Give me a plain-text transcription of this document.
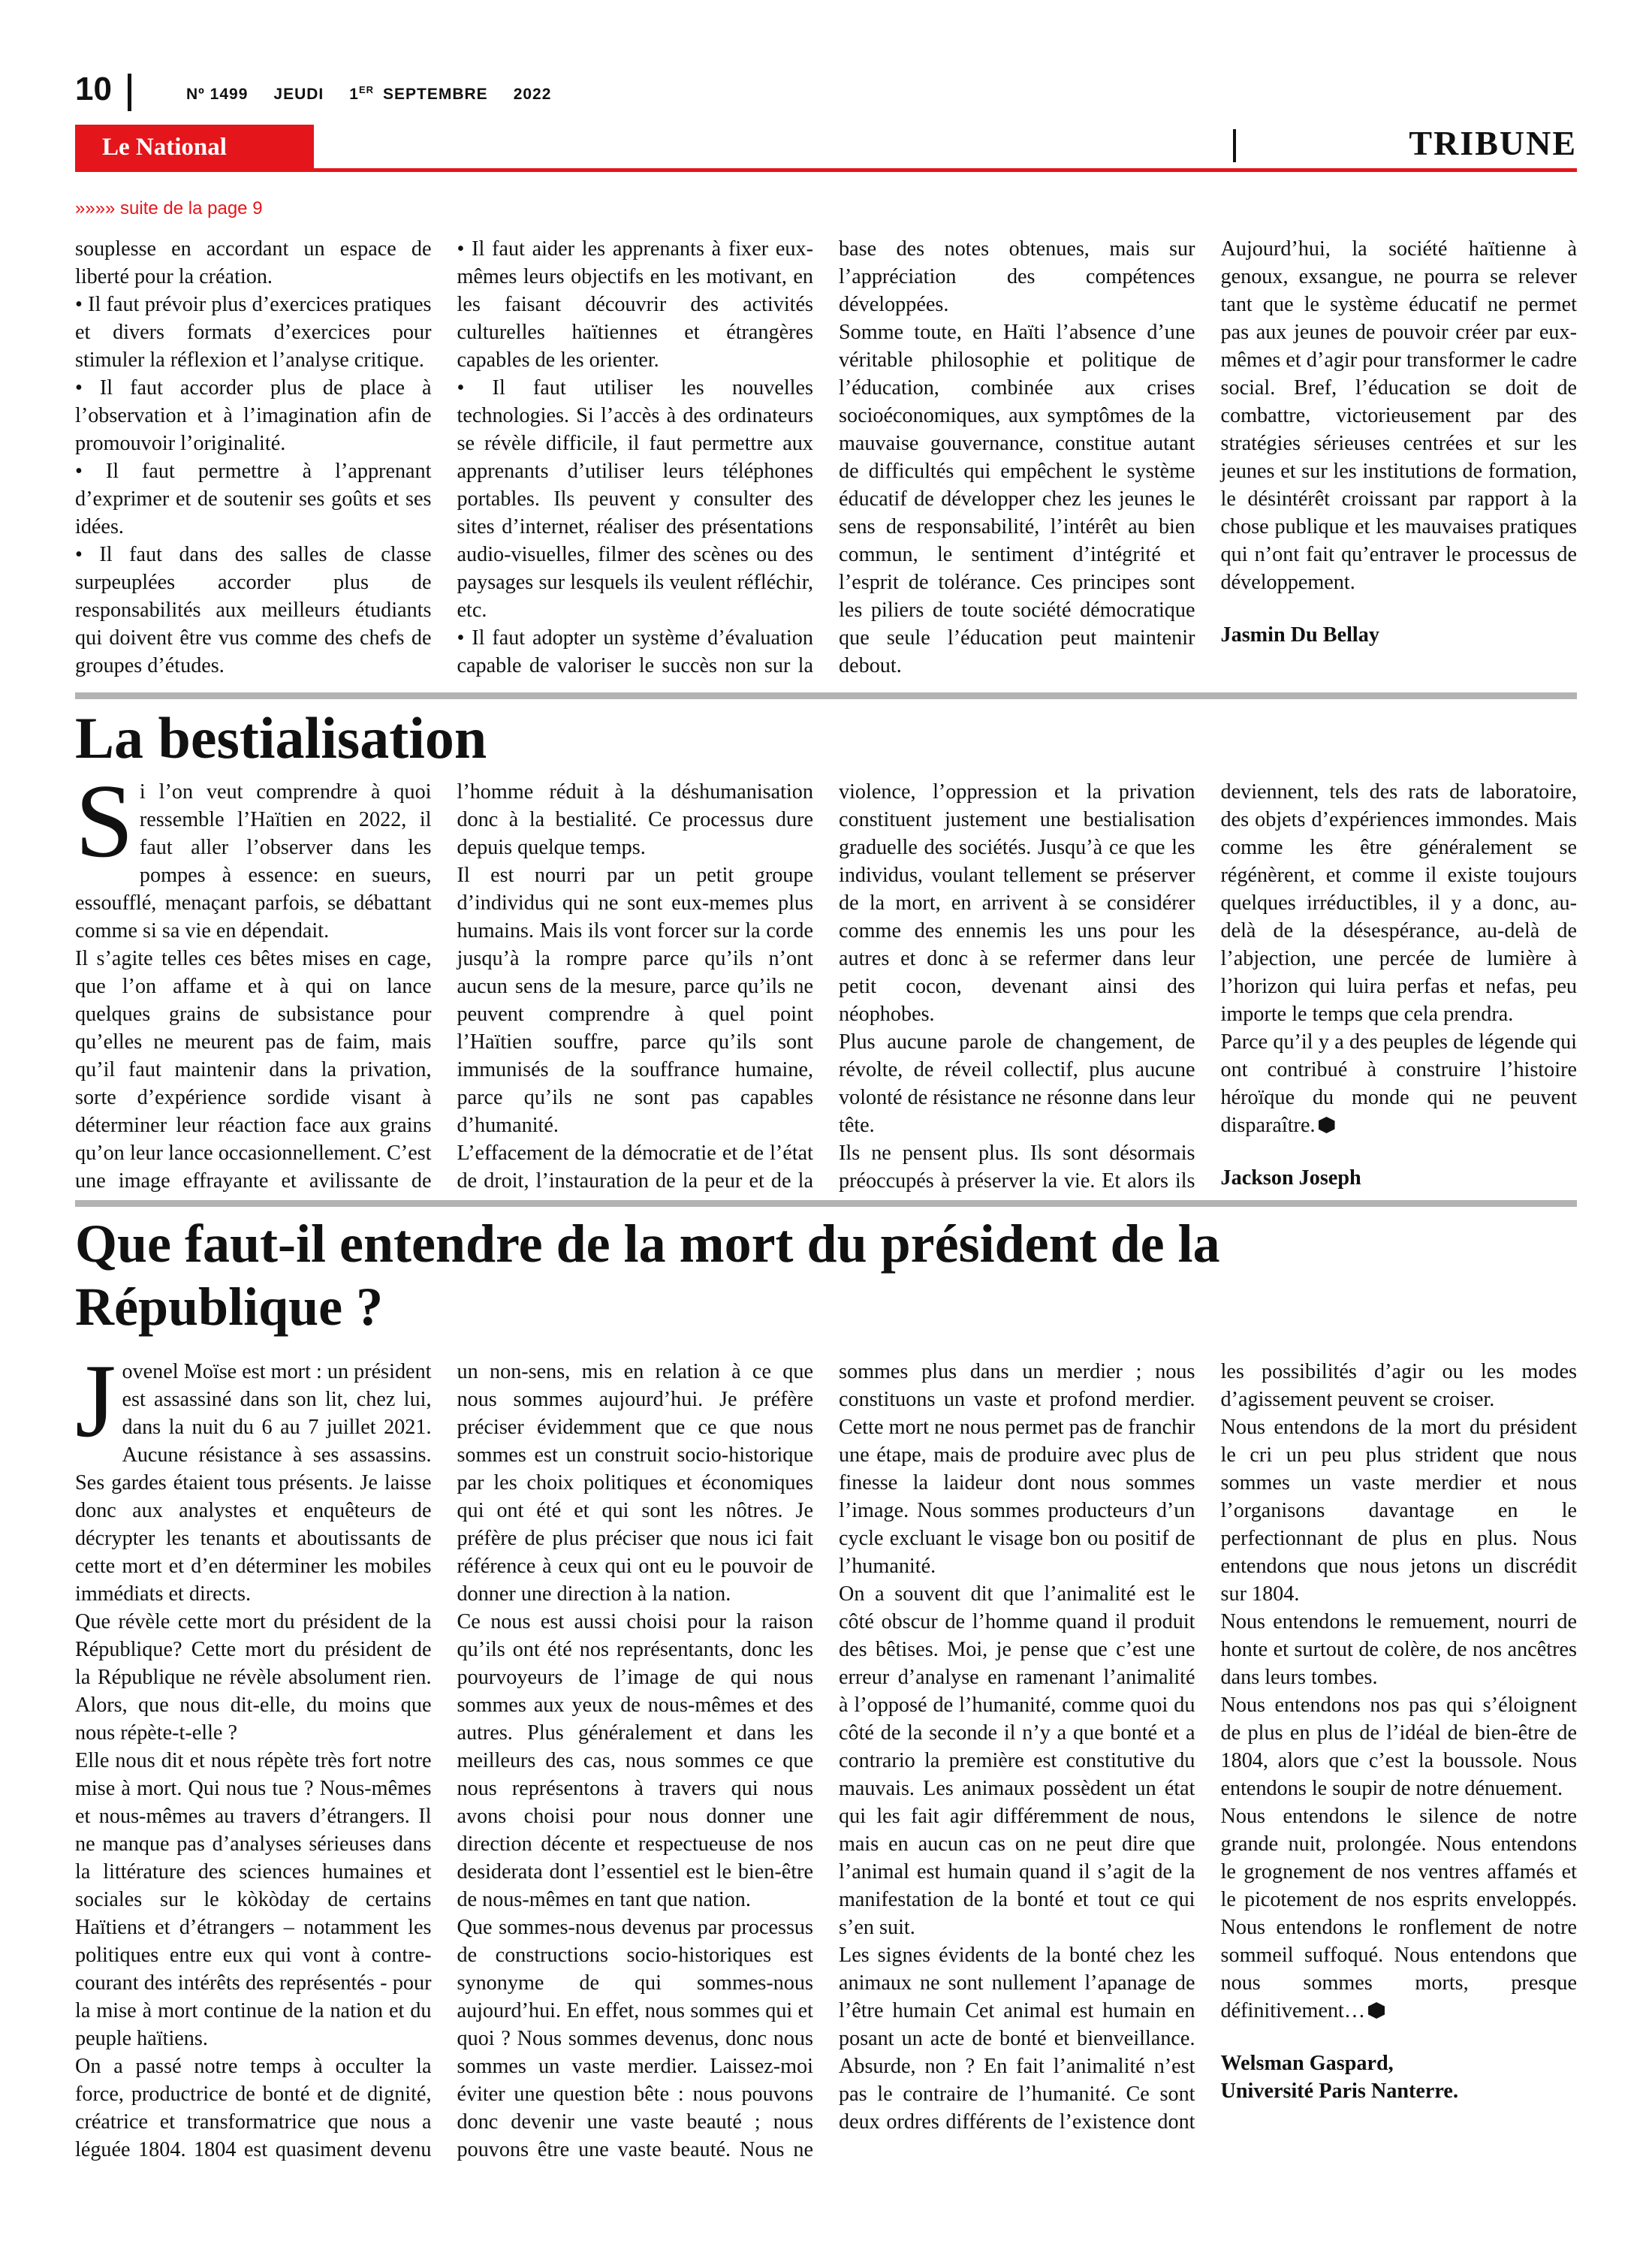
10	Nº 1499 JEUDI 1ER SEPTEMBRE 2022
Le National	TRIBUNE
»»»» suite de la page 9

souplesse en accordant un espace de liberté pour la création.

• Il faut prévoir plus d’exercices pratiques et divers formats d’exercices pour stimuler la réflexion et l’analyse critique.

• Il faut accorder plus de place à l’observation et à l’imagination afin de promouvoir l’originalité.

• Il faut permettre à l’apprenant d’exprimer et de soutenir ses goûts et ses idées.

• Il faut dans des salles de classe surpeuplées accorder plus de responsabilités aux meilleurs étudiants qui doivent être vus comme des chefs de groupes d’études.

• Il faut aider les apprenants à fixer eux-mêmes leurs objectifs en les motivant, en les faisant découvrir des activités culturelles haïtiennes et étrangères capables de les orienter.

• Il faut utiliser les nouvelles technologies. Si l’accès à des ordinateurs se révèle difficile, il faut permettre aux apprenants d’utiliser leurs téléphones portables. Ils peuvent y consulter des sites d’internet, réaliser des présentations audio-visuelles, filmer des scènes ou des paysages sur lesquels ils veulent réfléchir, etc.

• Il faut adopter un système d’évaluation capable de valoriser le succès non sur la base des notes obtenues, mais sur l’appréciation des compétences développées.

Somme toute, en Haïti l’absence d’une véritable philosophie et politique de l’éducation, combinée aux crises socioéconomiques, aux symptômes de la mauvaise gouvernance, constitue autant de difficultés qui empêchent le système éducatif de développer chez les jeunes le sens de responsabilité, l’intérêt au bien commun, le sentiment d’intégrité et l’esprit de tolérance. Ces principes sont les piliers de toute société démocratique que seule l’éducation peut maintenir debout.

Aujourd’hui, la société haïtienne à genoux, exsangue, ne pourra se relever tant que le système éducatif ne permet pas aux jeunes de pouvoir créer par eux-mêmes et d’agir pour transformer le cadre social. Bref, l’éducation se doit de combattre, victorieusement par des stratégies sérieuses centrées et sur les jeunes et sur les institutions de formation, le désintérêt croissant par rapport à la chose publique et les mauvaises pratiques qui n’ont fait qu’entraver le processus de développement.

Jasmin Du Bellay
La bestialisation

Si l’on veut comprendre à quoi ressemble l’Haïtien en 2022, il faut aller l’observer dans les pompes à essence: en sueurs, essoufflé, menaçant parfois, se débattant comme si sa vie en dépendait.

Il s’agite telles ces bêtes mises en cage, que l’on affame et à qui on lance quelques grains de subsistance pour qu’elles ne meurent pas de faim, mais qu’il faut maintenir dans la privation, sorte d’expérience sordide visant à déterminer leur réaction face aux grains qu’on leur lance occasionnellement. C’est une image effrayante et avilissante de l’homme réduit à la déshumanisation donc à la bestialité. Ce processus dure depuis quelque temps.

Il est nourri par un petit groupe d’individus qui ne sont eux-memes plus humains. Mais ils vont forcer sur la corde jusqu’à la rompre parce qu’ils n’ont aucun sens de la mesure, parce qu’ils ne peuvent comprendre à quel point l’Haïtien souffre, parce qu’ils sont immunisés de la souffrance humaine, parce qu’ils ne sont pas capables d’humanité.

L’effacement de la démocratie et de l’état de droit, l’instauration de la peur et de la violence, l’oppression et la privation constituent justement une bestialisation graduelle des sociétés. Jusqu’à ce que les individus, voulant tellement se préserver de la mort, en arrivent à se considérer comme des ennemis les uns pour les autres et donc à se refermer dans leur petit cocon, devenant ainsi des néophobes.

Plus aucune parole de changement, de révolte, de réveil collectif, plus aucune volonté de résistance ne résonne dans leur tête.

Ils ne pensent plus. Ils sont désormais préoccupés à préserver la vie. Et alors ils deviennent, tels des rats de laboratoire, des objets d’expériences immondes. Mais comme les être généralement se régénèrent, et comme il existe toujours quelques irréductibles, il y a donc, au-delà de la désespérance, au-delà de l’abjection, une percée de lumière à l’horizon qui luira perfas et nefas, peu importe le temps que cela prendra.

Parce qu’il y a des peuples de légende qui ont contribué à construire l’histoire héroïque du monde qui ne peuvent disparaître.

Jackson Joseph
Que faut-il entendre de la mort du président de la République ?

Jovenel Moïse est mort : un président est assassiné dans son lit, chez lui, dans la nuit du 6 au 7 juillet 2021. Aucune résistance à ses assassins. Ses gardes étaient tous présents. Je laisse donc aux analystes et enquêteurs de décrypter les tenants et aboutissants de cette mort et d’en déterminer les mobiles immédiats et directs.

Que révèle cette mort du président de la République? Cette mort du président de la République ne révèle absolument rien. Alors, que nous dit-elle, du moins que nous répète-t-elle ?

Elle nous dit et nous répète très fort notre mise à mort. Qui nous tue ? Nous-mêmes et nous-mêmes au travers d’étrangers. Il ne manque pas d’analyses sérieuses dans la littérature des sciences humaines et sociales sur le kòkòday de certains Haïtiens et d’étrangers – notamment les politiques entre eux qui vont à contre-courant des intérêts des représentés - pour la mise à mort continue de la nation et du peuple haïtiens.

On a passé notre temps à occulter la force, productrice de bonté et de dignité, créatrice et transformatrice que nous a léguée 1804. 1804 est quasiment devenu un non-sens, mis en relation à ce que nous sommes aujourd’hui. Je préfère préciser évidemment que ce que nous sommes est un construit socio-historique par les choix politiques et économiques qui ont été et qui sont les nôtres. Je préfère de plus préciser que nous ici fait référence à ceux qui ont eu le pouvoir de donner une direction à la nation.

Ce nous est aussi choisi pour la raison qu’ils ont été nos représentants, donc les pourvoyeurs de l’image de qui nous sommes aux yeux de nous-mêmes et des autres. Plus généralement et dans les meilleurs des cas, nous sommes ce que nous représentons à travers qui nous avons choisi pour nous donner une direction décente et respectueuse de nos desiderata dont l’essentiel est le bien-être de nous-mêmes en tant que nation.

Que sommes-nous devenus par processus de constructions socio-historiques est synonyme de qui sommes-nous aujourd’hui. En effet, nous sommes qui et quoi ? Nous sommes devenus, donc nous sommes un vaste merdier. Laissez-moi éviter une question bête : nous pouvons donc devenir une vaste beauté ; nous pouvons être une vaste beauté. Nous ne sommes plus dans un merdier ; nous constituons un vaste et profond merdier. Cette mort ne nous permet pas de franchir une étape, mais de produire avec plus de finesse la laideur dont nous sommes l’image. Nous sommes producteurs d’un cycle excluant le visage bon ou positif de l’humanité.

On a souvent dit que l’animalité est le côté obscur de l’homme quand il produit des bêtises. Moi, je pense que c’est une erreur d’analyse en ramenant l’animalité à l’opposé de l’humanité, comme quoi du côté de la seconde il n’y a que bonté et a contrario la première est constitutive du mauvais. Les animaux possèdent un état qui les fait agir différemment de nous, mais en aucun cas on ne peut dire que l’animal est humain quand il s’agit de la manifestation de la bonté et tout ce qui s’en suit.

Les signes évidents de la bonté chez les animaux ne sont nullement l’apanage de l’être humain Cet animal est humain en posant un acte de bonté et bienveillance. Absurde, non ? En fait l’animalité n’est pas le contraire de l’humanité. Ce sont deux ordres différents de l’existence dont les possibilités d’agir ou les modes d’agissement peuvent se croiser.

Nous entendons de la mort du président le cri un peu plus strident que nous sommes un vaste merdier et nous l’organisons davantage en le perfectionnant de plus en plus. Nous entendons que nous jetons un discrédit sur 1804.

Nous entendons le remuement, nourri de honte et surtout de colère, de nos ancêtres dans leurs tombes.

Nous entendons nos pas qui s’éloignent de plus en plus de l’idéal de bien-être de 1804, alors que c’est la boussole. Nous entendons le soupir de notre dénuement.

Nous entendons le silence de notre grande nuit, prolongée. Nous entendons le grognement de nos ventres affamés et le picotement de nos esprits enveloppés. Nous entendons le ronflement de notre sommeil suffoqué. Nous entendons que nous sommes morts, presque définitivement…

Welsman Gaspard,
Université Paris Nanterre.
